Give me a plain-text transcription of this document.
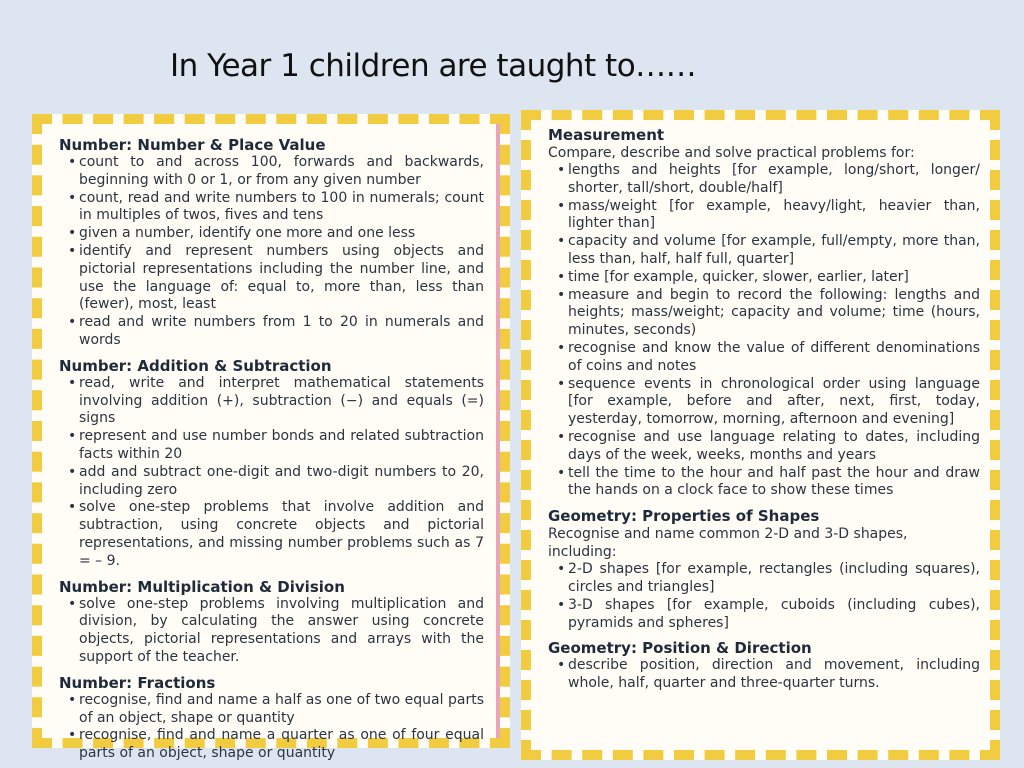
In Year 1 children are taught to……
Number: Number & Place Value
• count to and across 100, forwards and backwards, beginning with 0 or 1, or from any given number
• count, read and write numbers to 100 in numerals; count in multiples of twos, fives and tens
• given a number, identify one more and one less
• identify and represent numbers using objects and pictorial representations including the number line, and use the language of: equal to, more than, less than (fewer), most, least
• read and write numbers from 1 to 20 in numerals and words
Number: Addition & Subtraction
• read, write and interpret mathematical statements involving addition (+), subtraction (−) and equals (=) signs
• represent and use number bonds and related subtraction facts within 20
• add and subtract one-digit and two-digit numbers to 20, including zero
• solve one-step problems that involve addition and subtraction, using concrete objects and pictorial representations, and missing number problems such as 7 = – 9.
Number: Multiplication & Division
• solve one-step problems involving multiplication and division, by calculating the answer using concrete objects, pictorial representations and arrays with the support of the teacher.
Number: Fractions
• recognise, find and name a half as one of two equal parts of an object, shape or quantity
• recognise, find and name a quarter as one of four equal parts of an object, shape or quantity
Measurement
Compare, describe and solve practical problems for:
• lengths and heights [for example, long/short, longer/ shorter, tall/short, double/half]
• mass/weight [for example, heavy/light, heavier than, lighter than]
• capacity and volume [for example, full/empty, more than, less than, half, half full, quarter]
• time [for example, quicker, slower, earlier, later]
• measure and begin to record the following: lengths and heights; mass/weight; capacity and volume; time (hours, minutes, seconds)
• recognise and know the value of different denominations of coins and notes
• sequence events in chronological order using language [for example, before and after, next, first, today, yesterday, tomorrow, morning, afternoon and evening]
• recognise and use language relating to dates, including days of the week, weeks, months and years
• tell the time to the hour and half past the hour and draw the hands on a clock face to show these times
Geometry: Properties of Shapes
Recognise and name common 2-D and 3-D shapes, including:
• 2-D shapes [for example, rectangles (including squares), circles and triangles]
• 3-D shapes [for example, cuboids (including cubes), pyramids and spheres]
Geometry: Position & Direction
• describe position, direction and movement, including whole, half, quarter and three-quarter turns.
